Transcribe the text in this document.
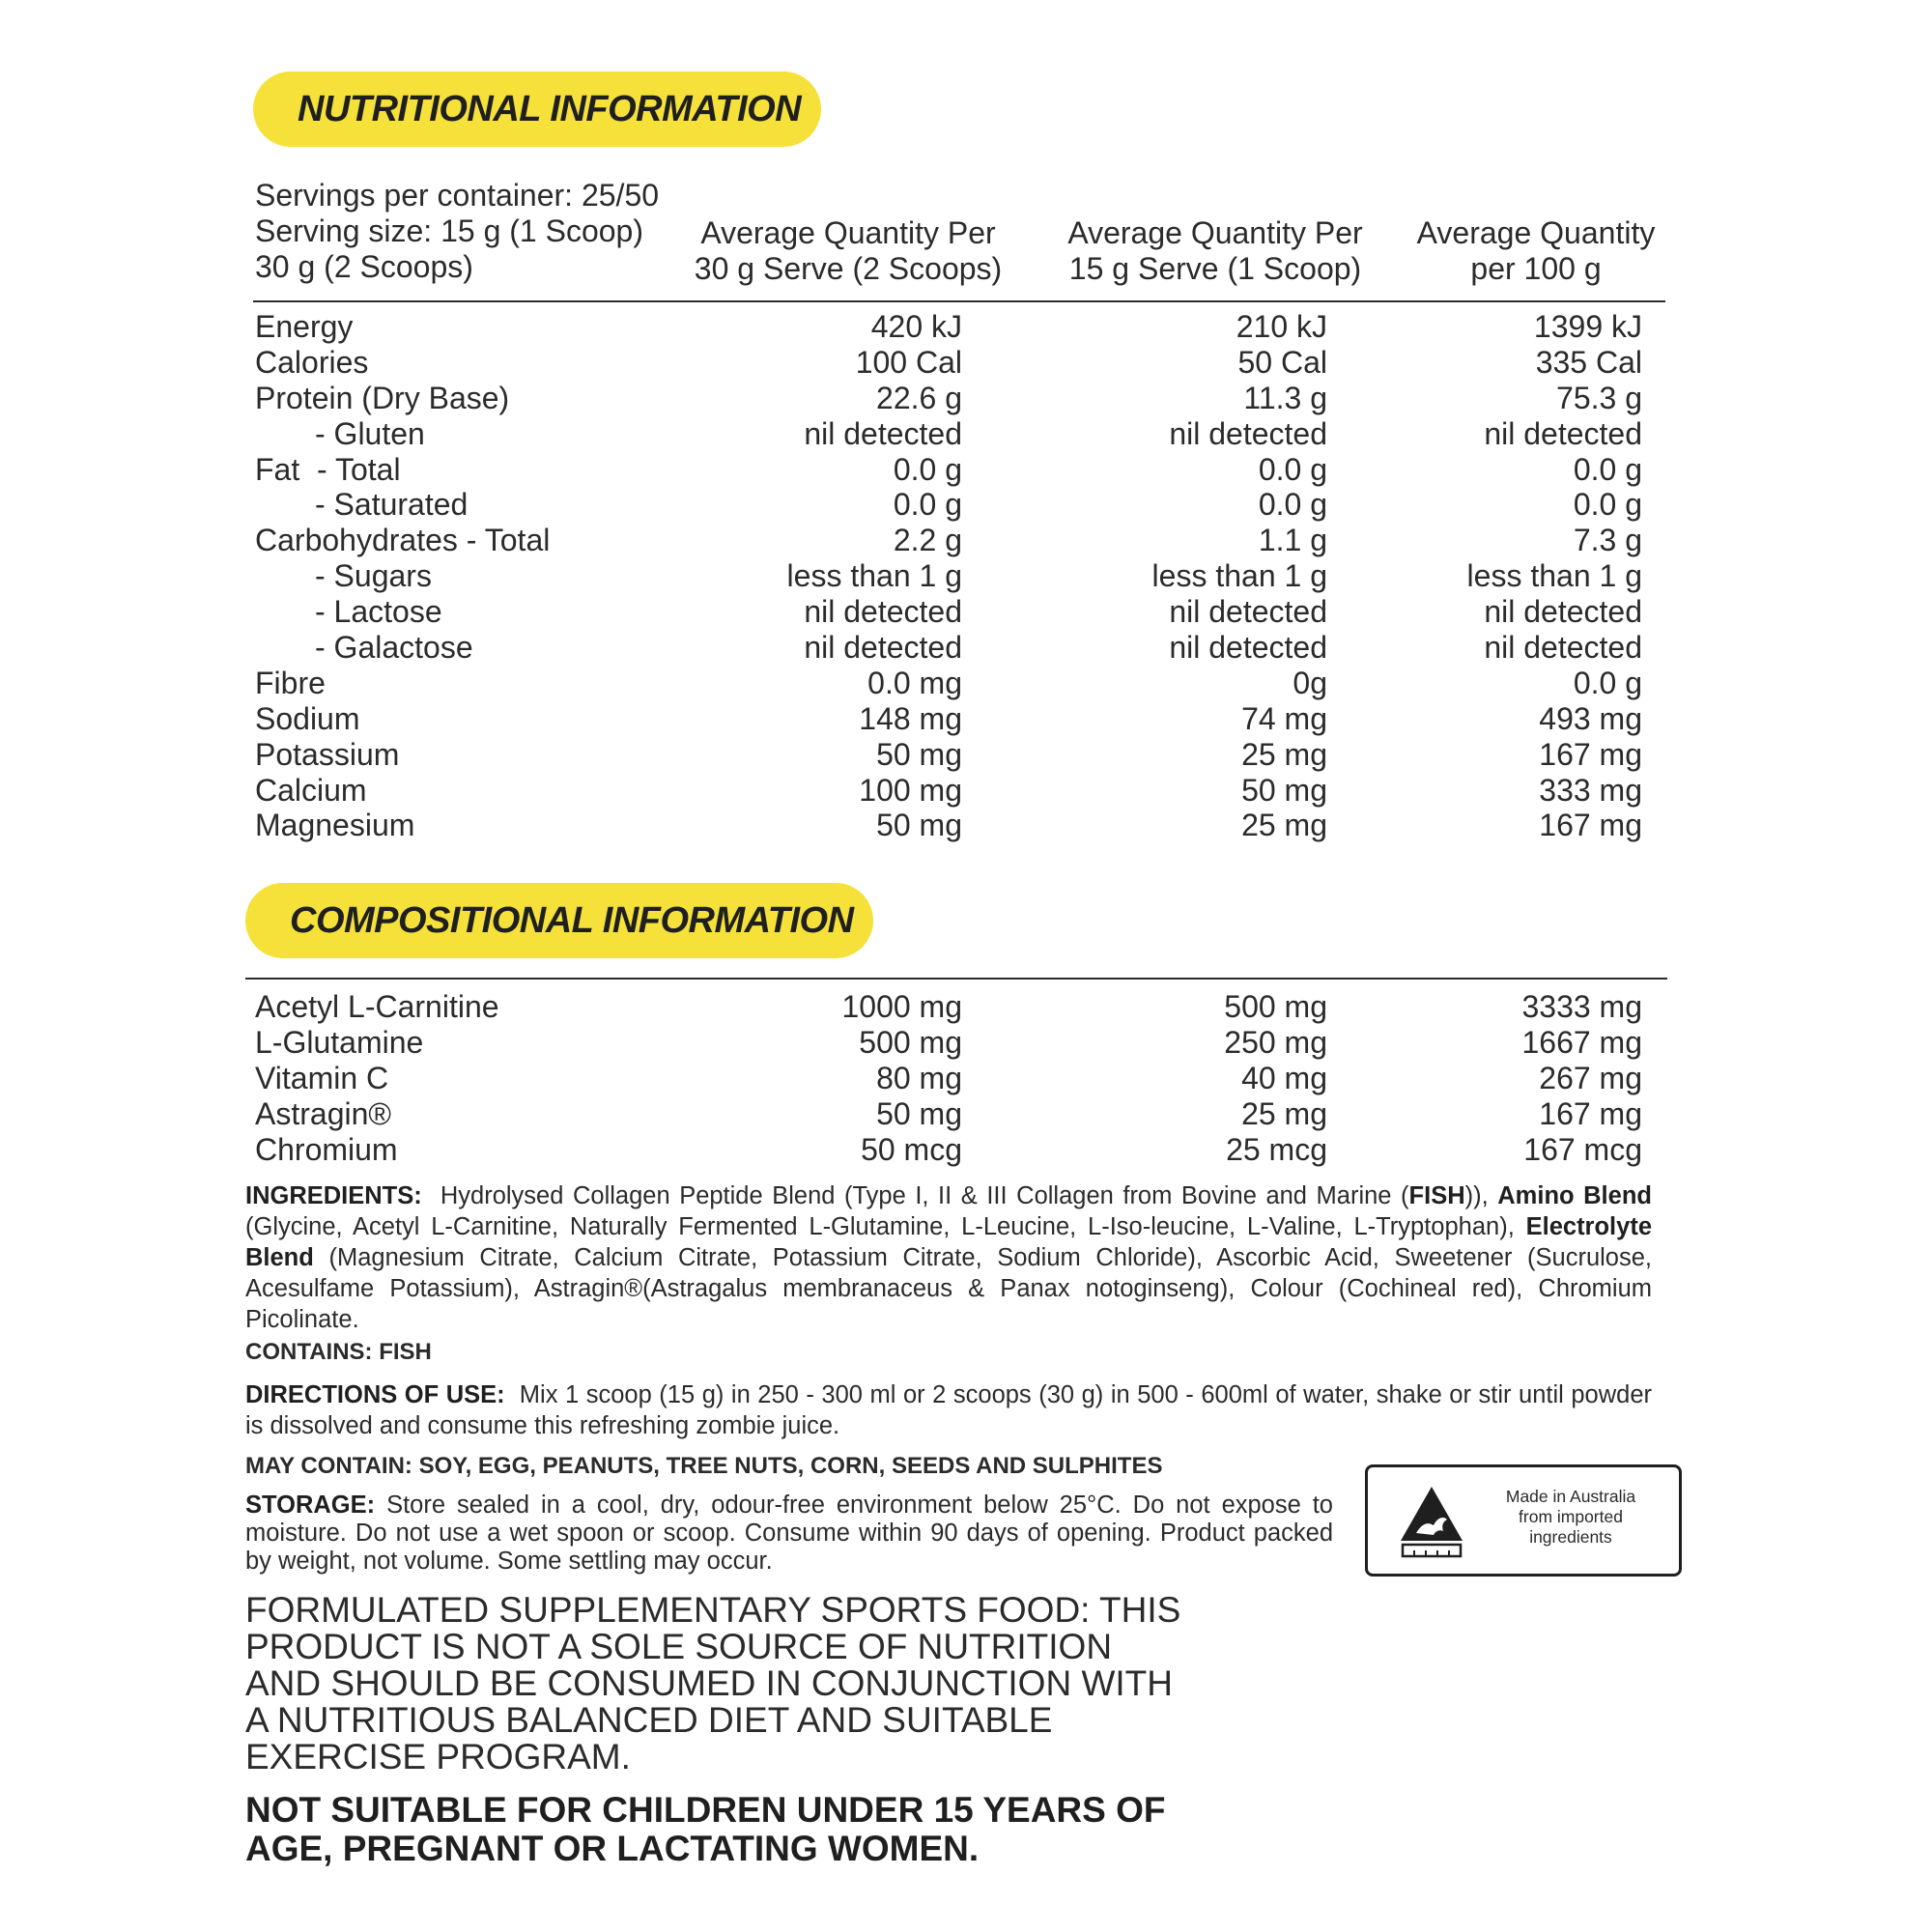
NUTRITIONAL INFORMATION
Servings per container: 25/50
Serving size: 15 g (1 Scoop)
30 g (2 Scoops)
Average Quantity Per
30 g Serve (2 Scoops)
Average Quantity Per
15 g Serve (1 Scoop)
Average Quantity
per 100 g
Energy	420 kJ	210 kJ	1399 kJ
Calories	100 Cal	50 Cal	335 Cal
Protein (Dry Base)	22.6 g	11.3 g	75.3 g
- Gluten	nil detected	nil detected	nil detected
Fat  - Total	0.0 g	0.0 g	0.0 g
- Saturated	0.0 g	0.0 g	0.0 g
Carbohydrates - Total	2.2 g	1.1 g	7.3 g
- Sugars	less than 1 g	less than 1 g	less than 1 g
- Lactose	nil detected	nil detected	nil detected
- Galactose	nil detected	nil detected	nil detected
Fibre	0.0 mg	0g	0.0 g
Sodium	148 mg	74 mg	493 mg
Potassium	50 mg	25 mg	167 mg
Calcium	100 mg	50 mg	333 mg
Magnesium	50 mg	25 mg	167 mg
COMPOSITIONAL INFORMATION
Acetyl L-Carnitine	1000 mg	500 mg	3333 mg
L-Glutamine	500 mg	250 mg	1667 mg
Vitamin C	80 mg	40 mg	267 mg
Astragin®	50 mg	25 mg	167 mg
Chromium	50 mcg	25 mcg	167 mcg
INGREDIENTS: Hydrolysed Collagen Peptide Blend (Type I, II & III Collagen from Bovine and Marine (FISH)), Amino Blend (Glycine, Acetyl L-Carnitine, Naturally Fermented L-Glutamine, L-Leucine, L-Iso-leucine, L-Valine, L-Tryptophan), Electrolyte Blend (Magnesium Citrate, Calcium Citrate, Potassium Citrate, Sodium Chloride), Ascorbic Acid, Sweetener (Sucrulose, Acesulfame Potassium), Astragin®(Astragalus membranaceus & Panax notoginseng), Colour (Cochineal red), Chromium Picolinate.
CONTAINS: FISH
DIRECTIONS OF USE: Mix 1 scoop (15 g) in 250 - 300 ml or 2 scoops (30 g) in 500 - 600ml of water, shake or stir until powder is dissolved and consume this refreshing zombie juice.
MAY CONTAIN: SOY, EGG, PEANUTS, TREE NUTS, CORN, SEEDS AND SULPHITES
STORAGE: Store sealed in a cool, dry, odour-free environment below 25°C. Do not expose to moisture. Do not use a wet spoon or scoop. Consume within 90 days of opening. Product packed by weight, not volume. Some settling may occur.
Made in Australia
from imported
ingredients
FORMULATED SUPPLEMENTARY SPORTS FOOD: THIS PRODUCT IS NOT A SOLE SOURCE OF NUTRITION AND SHOULD BE CONSUMED IN CONJUNCTION WITH A NUTRITIOUS BALANCED DIET AND SUITABLE EXERCISE PROGRAM.
NOT SUITABLE FOR CHILDREN UNDER 15 YEARS OF AGE, PREGNANT OR LACTATING WOMEN.
